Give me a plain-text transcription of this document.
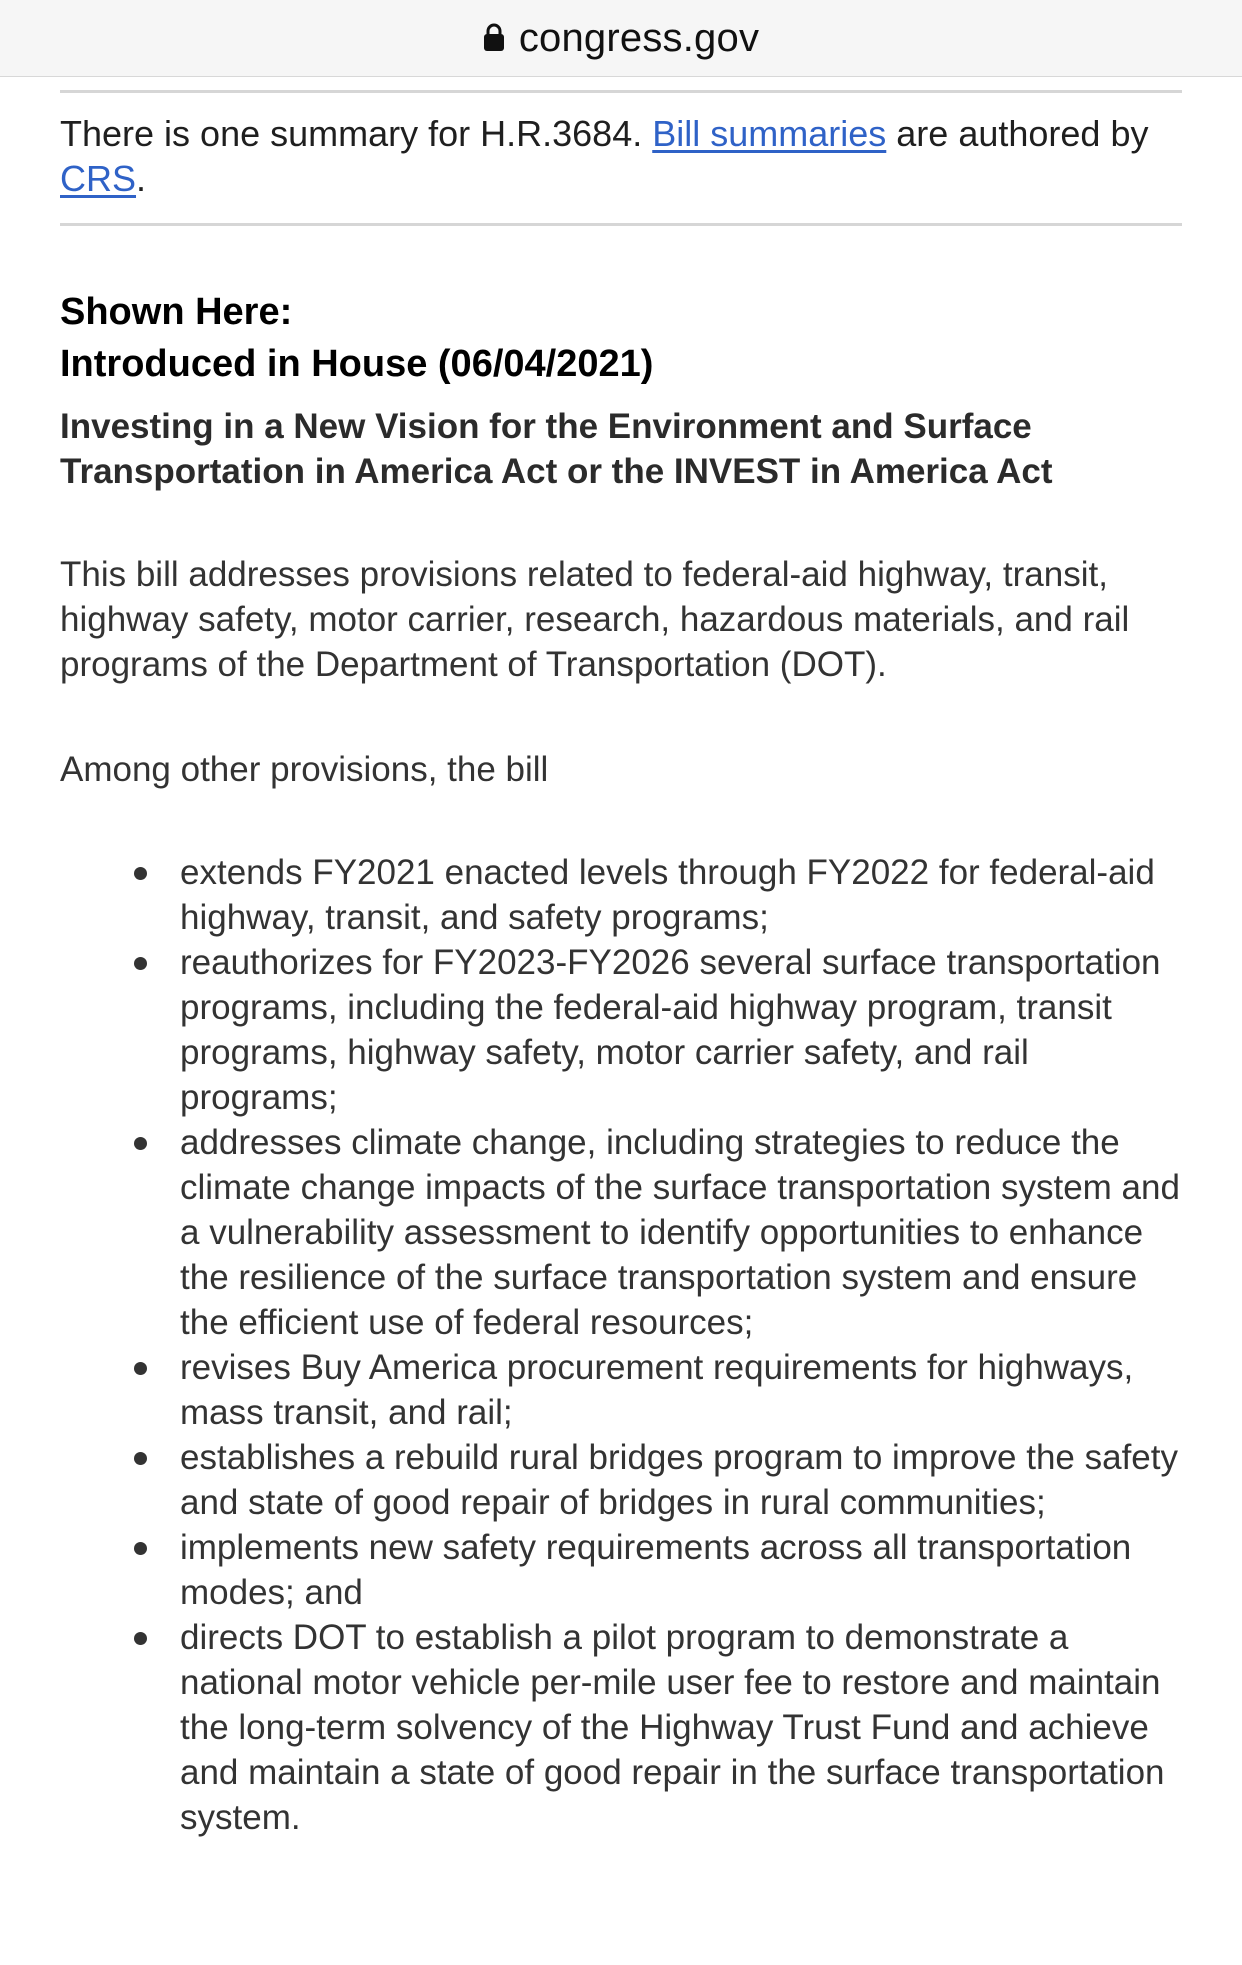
congress.gov
There is one summary for H.R.3684. Bill summaries are authored by CRS.
Shown Here:
Introduced in House (06/04/2021)
Investing in a New Vision for the Environment and Surface Transportation in America Act or the INVEST in America Act
This bill addresses provisions related to federal-aid highway, transit, highway safety, motor carrier, research, hazardous materials, and rail programs of the Department of Transportation (DOT).
Among other provisions, the bill
extends FY2021 enacted levels through FY2022 for federal-aid highway, transit, and safety programs;
reauthorizes for FY2023-FY2026 several surface transportation programs, including the federal-aid highway program, transit programs, highway safety, motor carrier safety, and rail programs;
addresses climate change, including strategies to reduce the climate change impacts of the surface transportation system and a vulnerability assessment to identify opportunities to enhance the resilience of the surface transportation system and ensure the efficient use of federal resources;
revises Buy America procurement requirements for highways, mass transit, and rail;
establishes a rebuild rural bridges program to improve the safety and state of good repair of bridges in rural communities;
implements new safety requirements across all transportation modes; and
directs DOT to establish a pilot program to demonstrate a national motor vehicle per-mile user fee to restore and maintain the long-term solvency of the Highway Trust Fund and achieve and maintain a state of good repair in the surface transportation system.
